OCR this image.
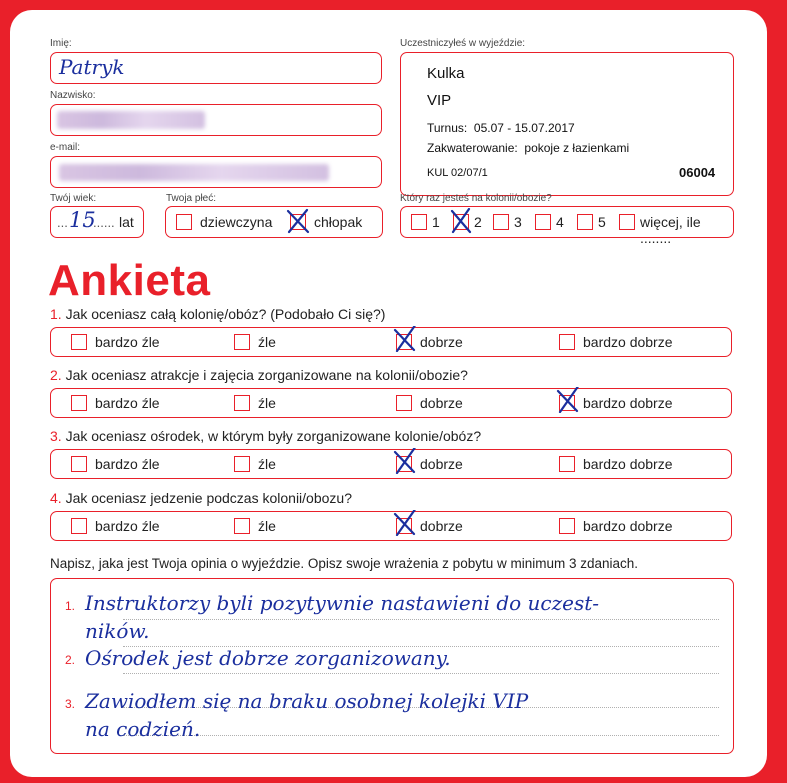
Imię:
Patryk
Nazwisko:
e-mail:
Twój wiek:
... 15
...... lat
Twoja płeć:
dziewczyna	chłopak
Uczestniczyłeś w wyjeździe:
Kulka
VIP
Turnus: 05.07 - 15.07.2017
Zakwaterowanie: pokoje z łazienkami
KUL 02/07/1	06004
Który raz jesteś na kolonii/obozie?
1 2 3 4 5 więcej, ile ........
Ankieta
1. Jak oceniasz całą kolonię/obóz? (Podobało Ci się?)
bardzo źle	źle	dobrze	bardzo dobrze
2. Jak oceniasz atrakcje i zajęcia zorganizowane na kolonii/obozie?
bardzo źle	źle	dobrze	bardzo dobrze
3. Jak oceniasz ośrodek, w którym były zorganizowane kolonie/obóz?
bardzo źle	źle	dobrze	bardzo dobrze
4. Jak oceniasz jedzenie podczas kolonii/obozu?
bardzo źle	źle	dobrze	bardzo dobrze
Napisz, jaka jest Twoja opinia o wyjeździe. Opisz swoje wrażenia z pobytu w minimum 3 zdaniach.
1. Instruktorzy byli pozytywnie nastawieni do uczest-
ników.
2. Ośrodek jest dobrze zorganizowany.
3. Zawiodłem się na braku osobnej kolejki VIP
na codzień.
